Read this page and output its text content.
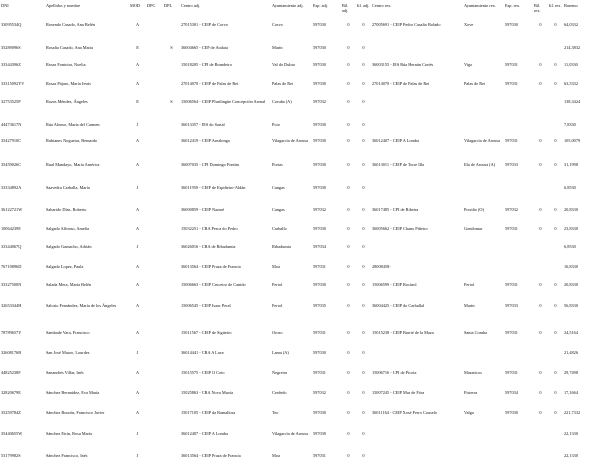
DNI	Apellidos y nombre	MOD	DPC	DPL	Centro adj.	Ayuntamiento adj.	Esp. adj.	Bil. adj.	Itl. adj.	Centro rex.	Ayuntamiento rex.	Esp. rex.	Bil. rex.	Itl. rex.	Baremo
33095534Q	Rosendo Casado, Ana Belén	A			27015301 - CEIP de Corvo	Corvo	597030	0	0	27005691 - CEIP Pedro Casalto Bolaño	Xove	597030	0	0	64,0332
35289096S	Rosalia Casado, Ana Maria	E		S	36004665 - CEP de Atalaia	Marín	597030	0	0						214,3832
33344396Z	Rosas Fontoira, Noelia	A			15018205 - CPI de Brandeiro	Val do Dubra	597030	0	0	36003155 - IES Rúa Hernán Cortés	Vigo	597031	0	0	11,0330
33315092YV	Rosas Pájaro, María Jesús	A			27014070 - CEIP de Palas de Rei	Palas de Rei	597030	0	0	27014070 - CEIP de Palas de Rei	Palas de Rei	597031	0	0	63,5332
32753525P	Rozas Méndez, Ángeles	E		S	15006564 - CEIP Plurilingüe Concepción Arenal	Coruña (A)	597032	0	0						138,3424
44473617N	Rúa Alonso, María del Carmen	J			36013357 - IES do Sartal	Poio	597030	0	0						7,8330
35427910C	Rubianes Nogueira, Bernardo	A			36012419 - CEIP Arealonga	Vilagarcía de Arousa	597030	0	0	36012407 - CEIP A Lomba	Vilagarcía de Arousa	597031	0	0	105,0079
35459026C	Rual Mandayo, María América	A			36007035 - CPI Domingo Fontán	Portas	597030	0	0	36013011 - CEIP de Torre Illa	Illa de Arousa (A)	597033	0	0	31,1998
33334892A	Saavedra Carballa, María	J			36011950 - CEIP de Espiñeiro-Aldán	Cangas	597030	0	0						6,8530
36122721W	Sabarido Díaz, Roberto	A			36000859 - CEIP Nazaré	Cangas	597032	0	0	36017485 - CPI de Ribeira	Porriño (O)	597032	0	0	20,8330
10064239E	Salgado Alfonso, Amelia	A			15032251 - CRA Pesca do Pedro	Carballo	597030	0	0	36005662 - CEIP Chano Piñeiro	Gondomar	597031	0	0	23,8330
33344067Q	Salgado Garnacho, Adrián	J			36026016 - CRA de Ribadumia	Ribadumia	597034	0	0						6,8530
76710896D	Salgado Lopez, Paula	A			36013564 - CEIP Praza de Francia	Moa	597031	0	0	28008458-					16,8330
33327500N	Salada Mera, María Belén	A			15006663 - CEIP Cruceiro de Canido	Ferrol	597030	0	0	15006599 - CEIP Rocinol	Ferrol	597031	0	0	20,8330
32653344H	Salorio Fernández, María de los Ángeles	A			15006545 - CEIP Isaac Peral	Ferrol	597035	0	0	36004425 - CEIP do Carballal	Marín	597033	0	0	56,8330
78789657Y	Sambade Vara, Francisco	A			15011567 - CEIP de Sigüeiro	Oroso	597031	0	0	15015238 - CEIP Barrié de la Maza	Santa Comba	597031	0	0	24,5164
32608176B	San José Marzo, Lourdes	J			36014441 - CRA A Laxe	Lama (A)	597030	0	0						21,4826
44825238F	Sanandrés Villar, Inés	A			15015575 - CEIP O Coto	Negreira	597031	0	0	15006716 - CPI de Picota	Mazaricos	597031	0	0	29,7498
32820679E	Sánchez Bermúdez, Eva María	A			15025863 - CRA Nova Muxía	Cerdedo	597032	0	0	15007245 - CEIP Mar de Fóra	Fisterra	597034	0	0	17,1664
35259784Z	Sánchez Bourón, Francisco Javier	A			15017105 - CEIP da Ramallosa	Teo	597030	0	0	36011164 - CEIP Xosé Ferro Couselo	Valga	597030	0	0	221,7332
35440655W	Sánchez Eirín, Rosa María	J			36012407 - CEIP A Lomba	Vilagarcía de Arousa	597030	0	0						22,1330
53179982S	Sánchez Francisco, Inés	J			36013564 - CEIP Praza de Francia	Moa	597031	0	0						22,1330
